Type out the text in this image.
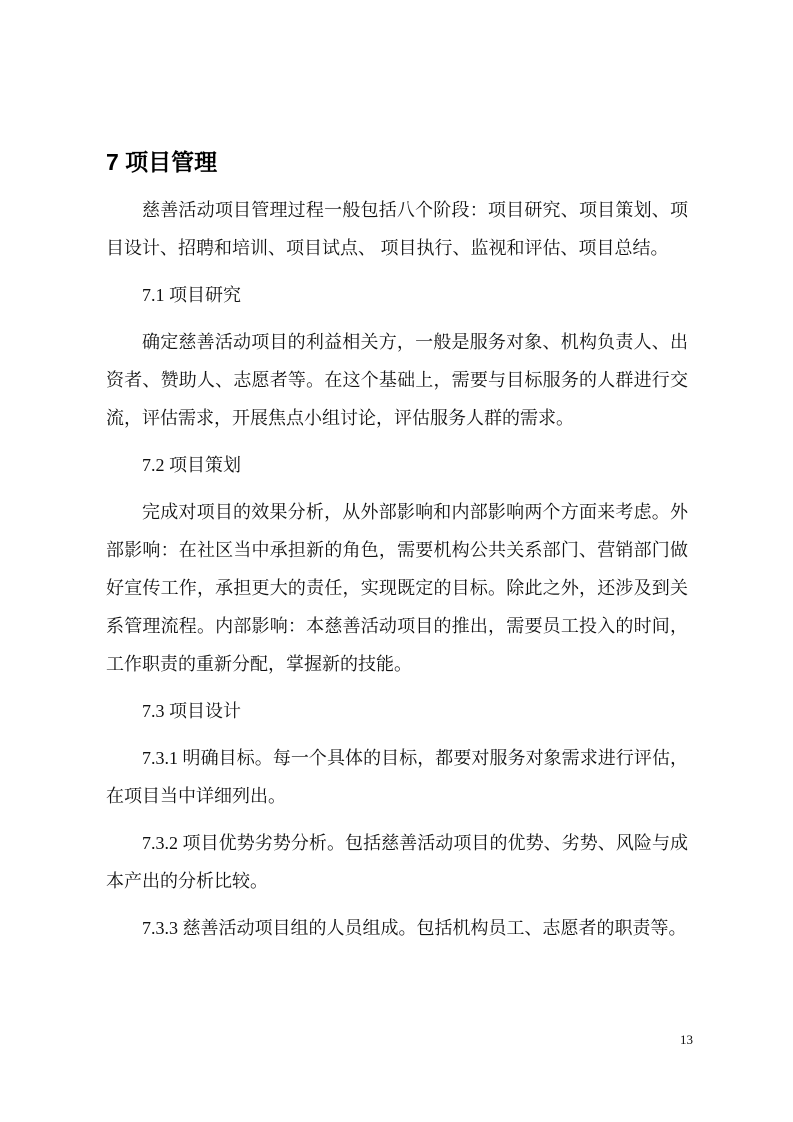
7 项目管理

慈善活动项目管理过程一般包括八个阶段：项目研究、项目策划、项目设计、招聘和培训、项目试点、 项目执行、监视和评估、项目总结。

7.1 项目研究

确定慈善活动项目的利益相关方，一般是服务对象、机构负责人、出资者、赞助人、志愿者等。在这个基础上，需要与目标服务的人群进行交流，评估需求，开展焦点小组讨论，评估服务人群的需求。

7.2 项目策划

完成对项目的效果分析，从外部影响和内部影响两个方面来考虑。外部影响：在社区当中承担新的角色，需要机构公共关系部门、营销部门做好宣传工作，承担更大的责任，实现既定的目标。除此之外，还涉及到关系管理流程。内部影响：本慈善活动项目的推出，需要员工投入的时间，工作职责的重新分配，掌握新的技能。

7.3 项目设计

7.3.1 明确目标。每一个具体的目标，都要对服务对象需求进行评估，在项目当中详细列出。

7.3.2 项目优势劣势分析。包括慈善活动项目的优势、劣势、风险与成本产出的分析比较。

7.3.3 慈善活动项目组的人员组成。包括机构员工、志愿者的职责等。

13
